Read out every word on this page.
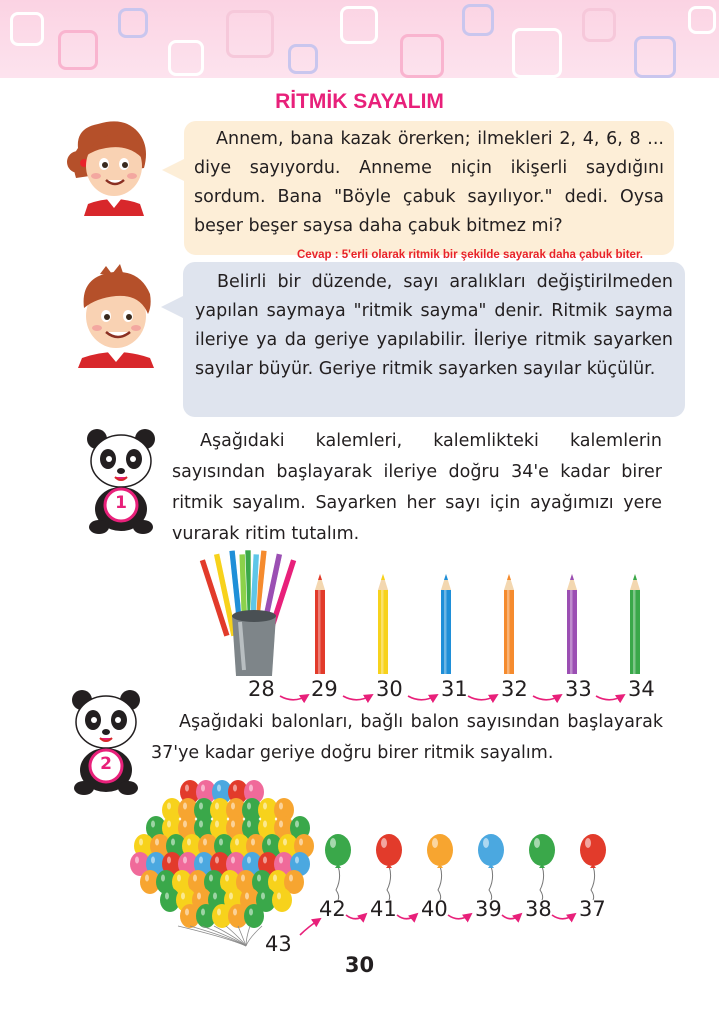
RİTMİK SAYALIM

Annem, bana kazak örerken; ilmekleri 2, 4, 6, 8 ... diye sayıyordu. Anneme niçin ikişerli saydığını sordum. Bana "Böyle çabuk sayılıyor." dedi. Oysa beşer beşer saysa daha çabuk bitmez mi?

Cevap : 5'erli olarak ritmik bir şekilde sayarak daha çabuk biter.

Belirli bir düzende, sayı aralıkları değiştirilmeden yapılan saymaya "ritmik sayma" denir. Ritmik sayma ileriye ya da geriye yapılabilir. İleriye ritmik sayarken sayılar büyür. Geriye ritmik sayarken sayılar küçülür.

1
Aşağıdaki kalemleri, kalemlikteki kalemlerin sayısından başlayarak ileriye doğru 34'e kadar birer ritmik sayalım. Sayarken her sayı için ayağımızı yere vurarak ritim tutalım.
28 29 30 31 32 33 34
2
Aşağıdaki balonları, bağlı balon sayısından başlayarak 37'ye kadar geriye doğru birer ritmik sayalım.
42 41 40 39 38 37
43
30
